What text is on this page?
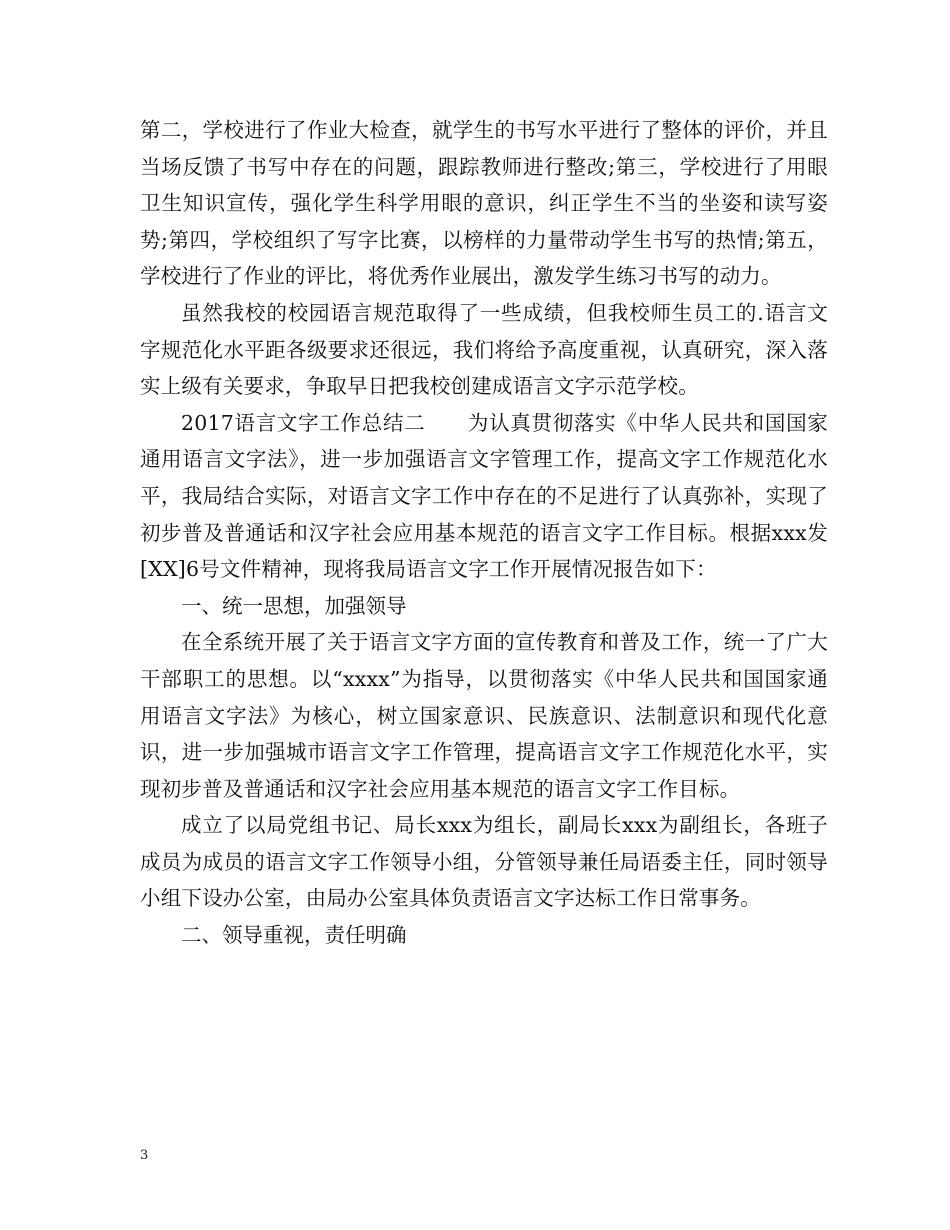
第二，学校进行了作业大检查，就学生的书写水平进行了整体的评价，并且当场反馈了书写中存在的问题，跟踪教师进行整改;第三，学校进行了用眼卫生知识宣传，强化学生科学用眼的意识，纠正学生不当的坐姿和读写姿势;第四，学校组织了写字比赛，以榜样的力量带动学生书写的热情;第五，学校进行了作业的评比，将优秀作业展出，激发学生练习书写的动力。

虽然我校的校园语言规范取得了一些成绩，但我校师生员工的.语言文字规范化水平距各级要求还很远，我们将给予高度重视，认真研究，深入落实上级有关要求，争取早日把我校创建成语言文字示范学校。

2017语言文字工作总结二　　为认真贯彻落实《中华人民共和国国家通用语言文字法》，进一步加强语言文字管理工作，提高文字工作规范化水平，我局结合实际，对语言文字工作中存在的不足进行了认真弥补，实现了初步普及普通话和汉字社会应用基本规范的语言文字工作目标。根据xxx发[XX]6号文件精神，现将我局语言文字工作开展情况报告如下：

一、统一思想，加强领导

在全系统开展了关于语言文字方面的宣传教育和普及工作，统一了广大干部职工的思想。以“xxxx”为指导，以贯彻落实《中华人民共和国国家通用语言文字法》为核心，树立国家意识、民族意识、法制意识和现代化意识，进一步加强城市语言文字工作管理，提高语言文字工作规范化水平，实现初步普及普通话和汉字社会应用基本规范的语言文字工作目标。

成立了以局党组书记、局长xxx为组长，副局长xxx为副组长，各班子成员为成员的语言文字工作领导小组，分管领导兼任局语委主任，同时领导小组下设办公室，由局办公室具体负责语言文字达标工作日常事务。

二、领导重视，责任明确

3
